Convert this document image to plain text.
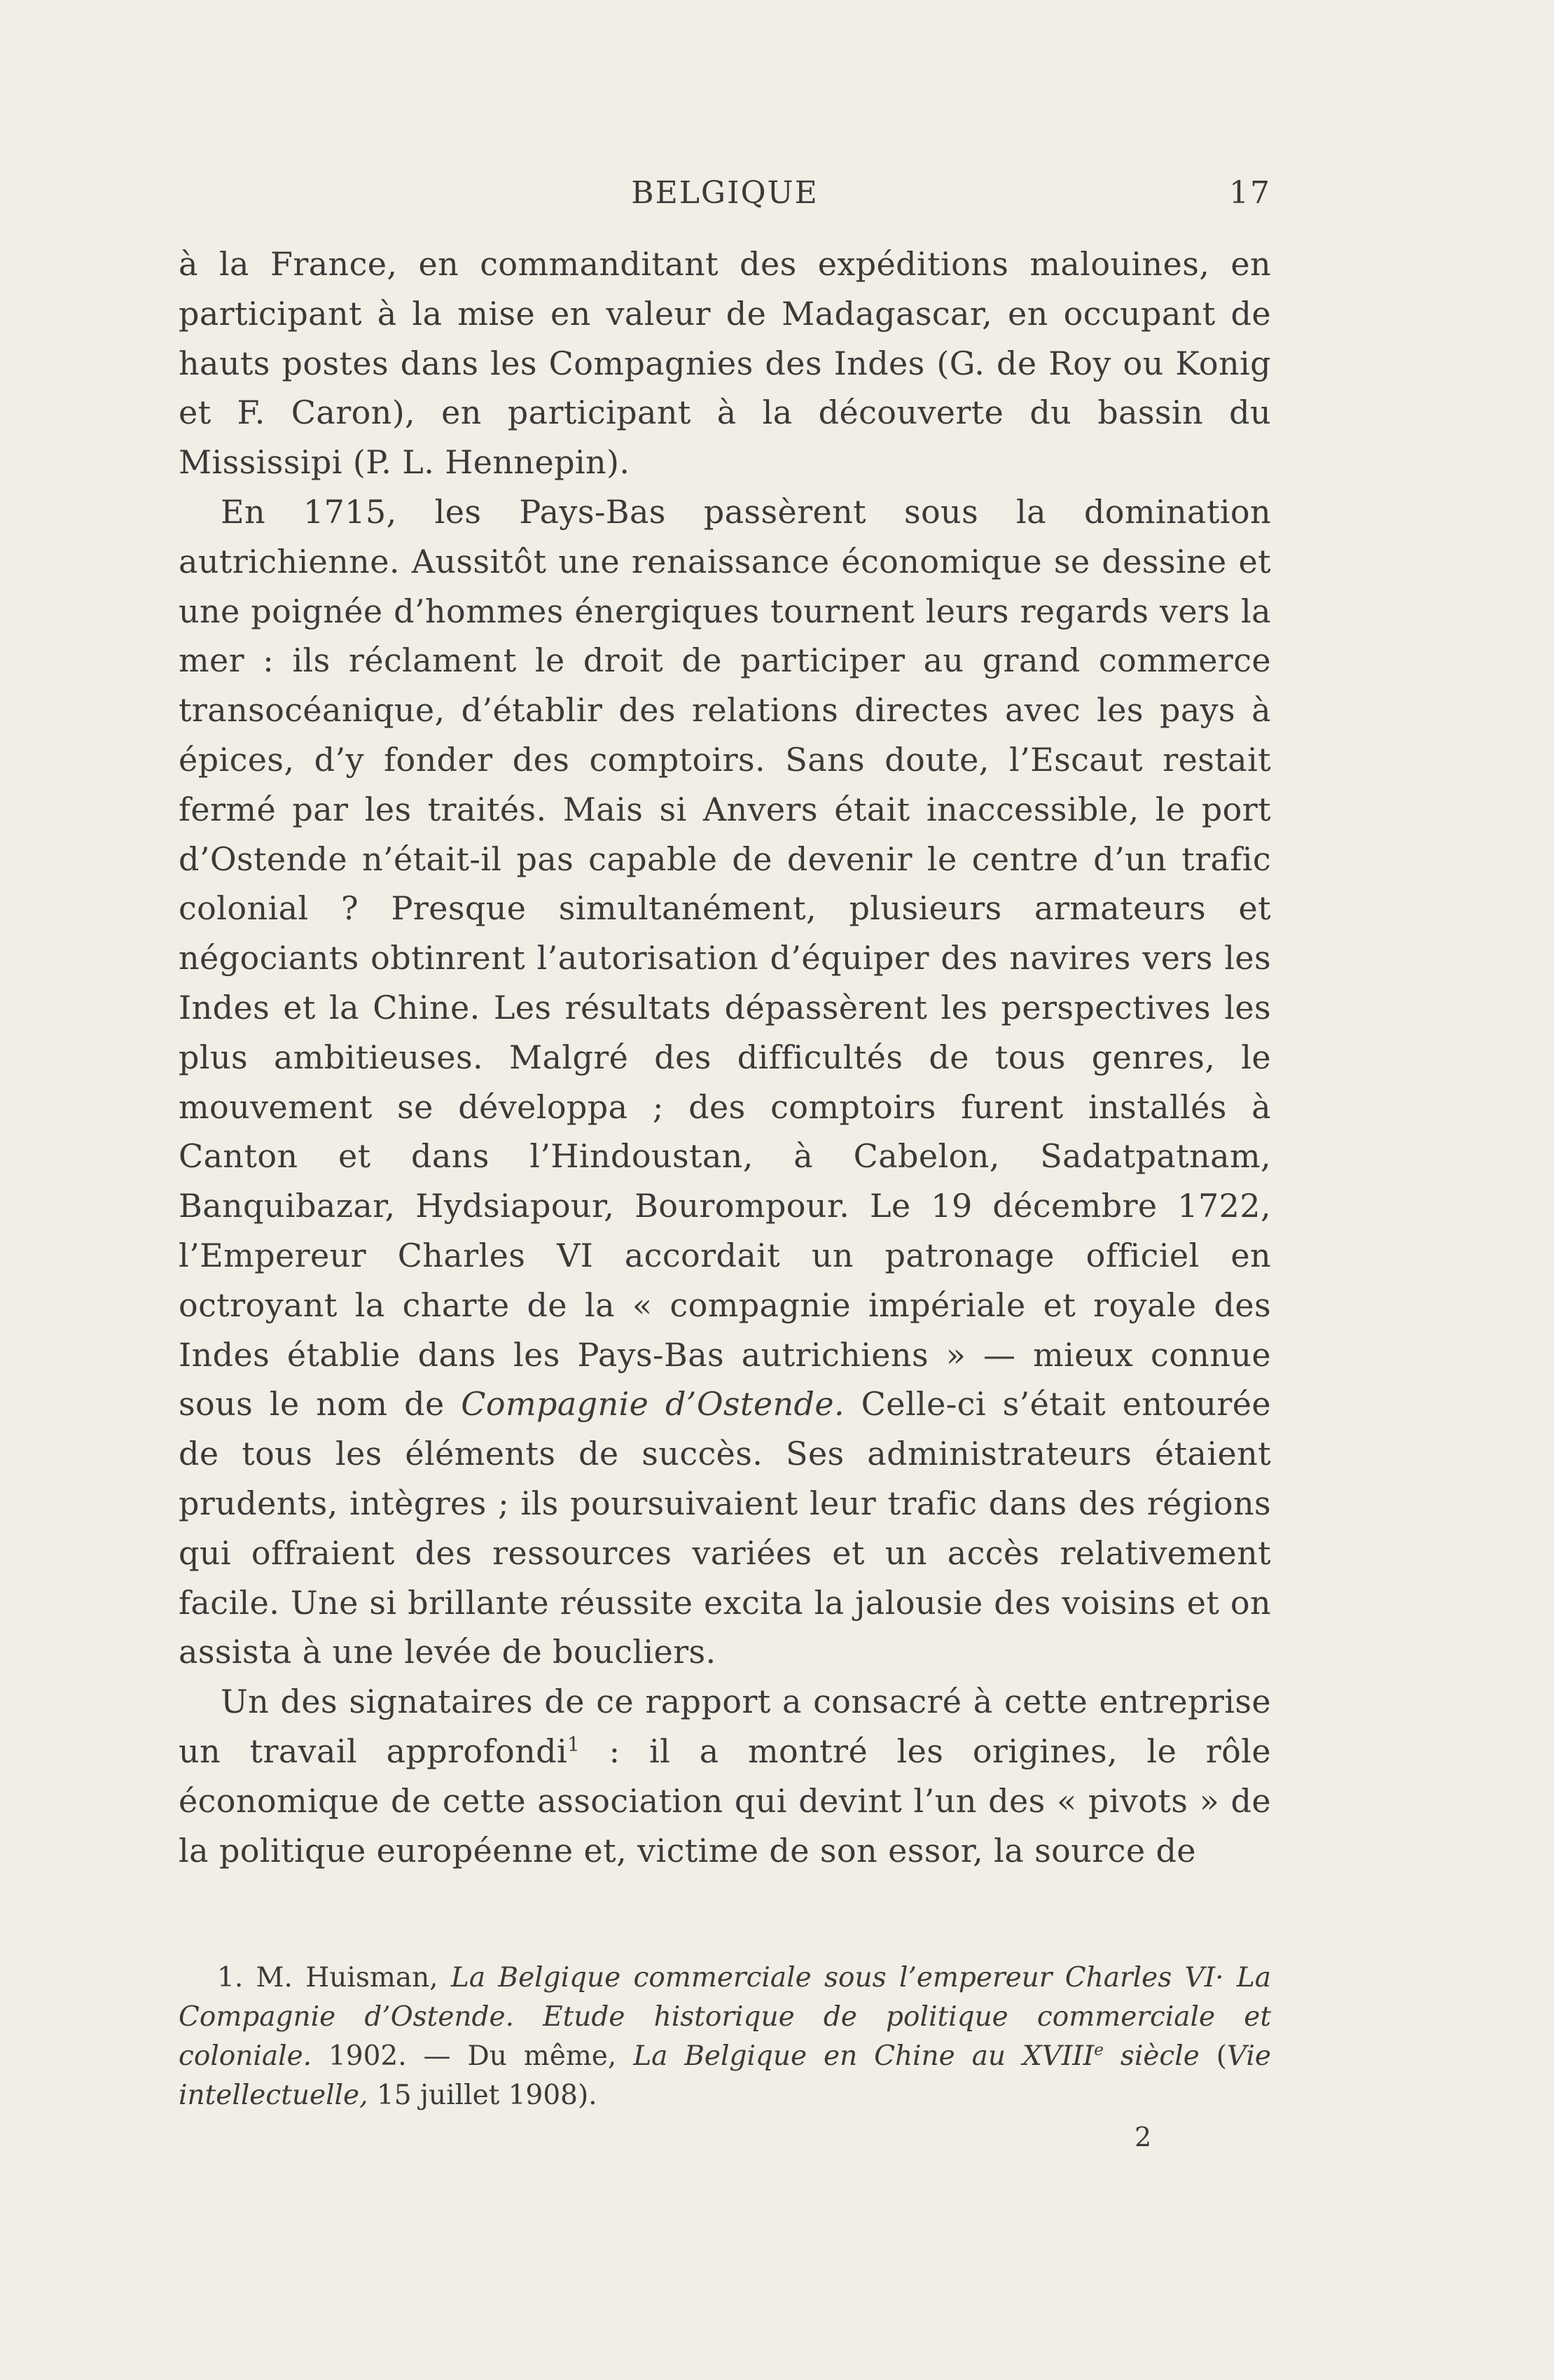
BELGIQUE	17

à la France, en commanditant des expéditions malouines, en participant à la mise en valeur de Madagascar, en occupant de hauts postes dans les Compagnies des Indes (G. de Roy ou Konig et F. Caron), en participant à la découverte du bassin du Mississipi (P. L. Hennepin).

En 1715, les Pays-Bas passèrent sous la domination autrichienne. Aussitôt une renaissance économique se dessine et une poignée d’hommes énergiques tournent leurs regards vers la mer : ils réclament le droit de participer au grand commerce transocéanique, d’établir des relations directes avec les pays à épices, d’y fonder des comptoirs. Sans doute, l’Escaut restait fermé par les traités. Mais si Anvers était inaccessible, le port d’Ostende n’était-il pas capable de devenir le centre d’un trafic colonial ? Presque simultanément, plusieurs armateurs et négociants obtinrent l’autorisation d’équiper des navires vers les Indes et la Chine. Les résultats dépassèrent les perspectives les plus ambitieuses. Malgré des difficultés de tous genres, le mouvement se développa ; des comptoirs furent installés à Canton et dans l’Hindoustan, à Cabelon, Sadatpatnam, Banquibazar, Hydsiapour, Bourompour. Le 19 décembre 1722, l’Empereur Charles VI accordait un patronage officiel en octroyant la charte de la « compagnie impériale et royale des Indes établie dans les Pays-Bas autrichiens » — mieux connue sous le nom de Compagnie d’Ostende. Celle-ci s’était entourée de tous les éléments de succès. Ses administrateurs étaient prudents, intègres ; ils poursuivaient leur trafic dans des régions qui offraient des ressources variées et un accès relativement facile. Une si brillante réussite excita la jalousie des voisins et on assista à une levée de boucliers.

Un des signataires de ce rapport a consacré à cette entreprise un travail approfondi$^1$ : il a montré les origines, le rôle économique de cette association qui devint l’un des « pivots » de la politique européenne et, victime de son essor, la source de

1. M. Huisman, La Belgique commerciale sous l’empereur Charles VI· La Compagnie d’Ostende. Etude historique de politique commerciale et coloniale. 1902. — Du même, La Belgique en Chine au XVIIIe siècle (Vie intellectuelle, 15 juillet 1908).

2
